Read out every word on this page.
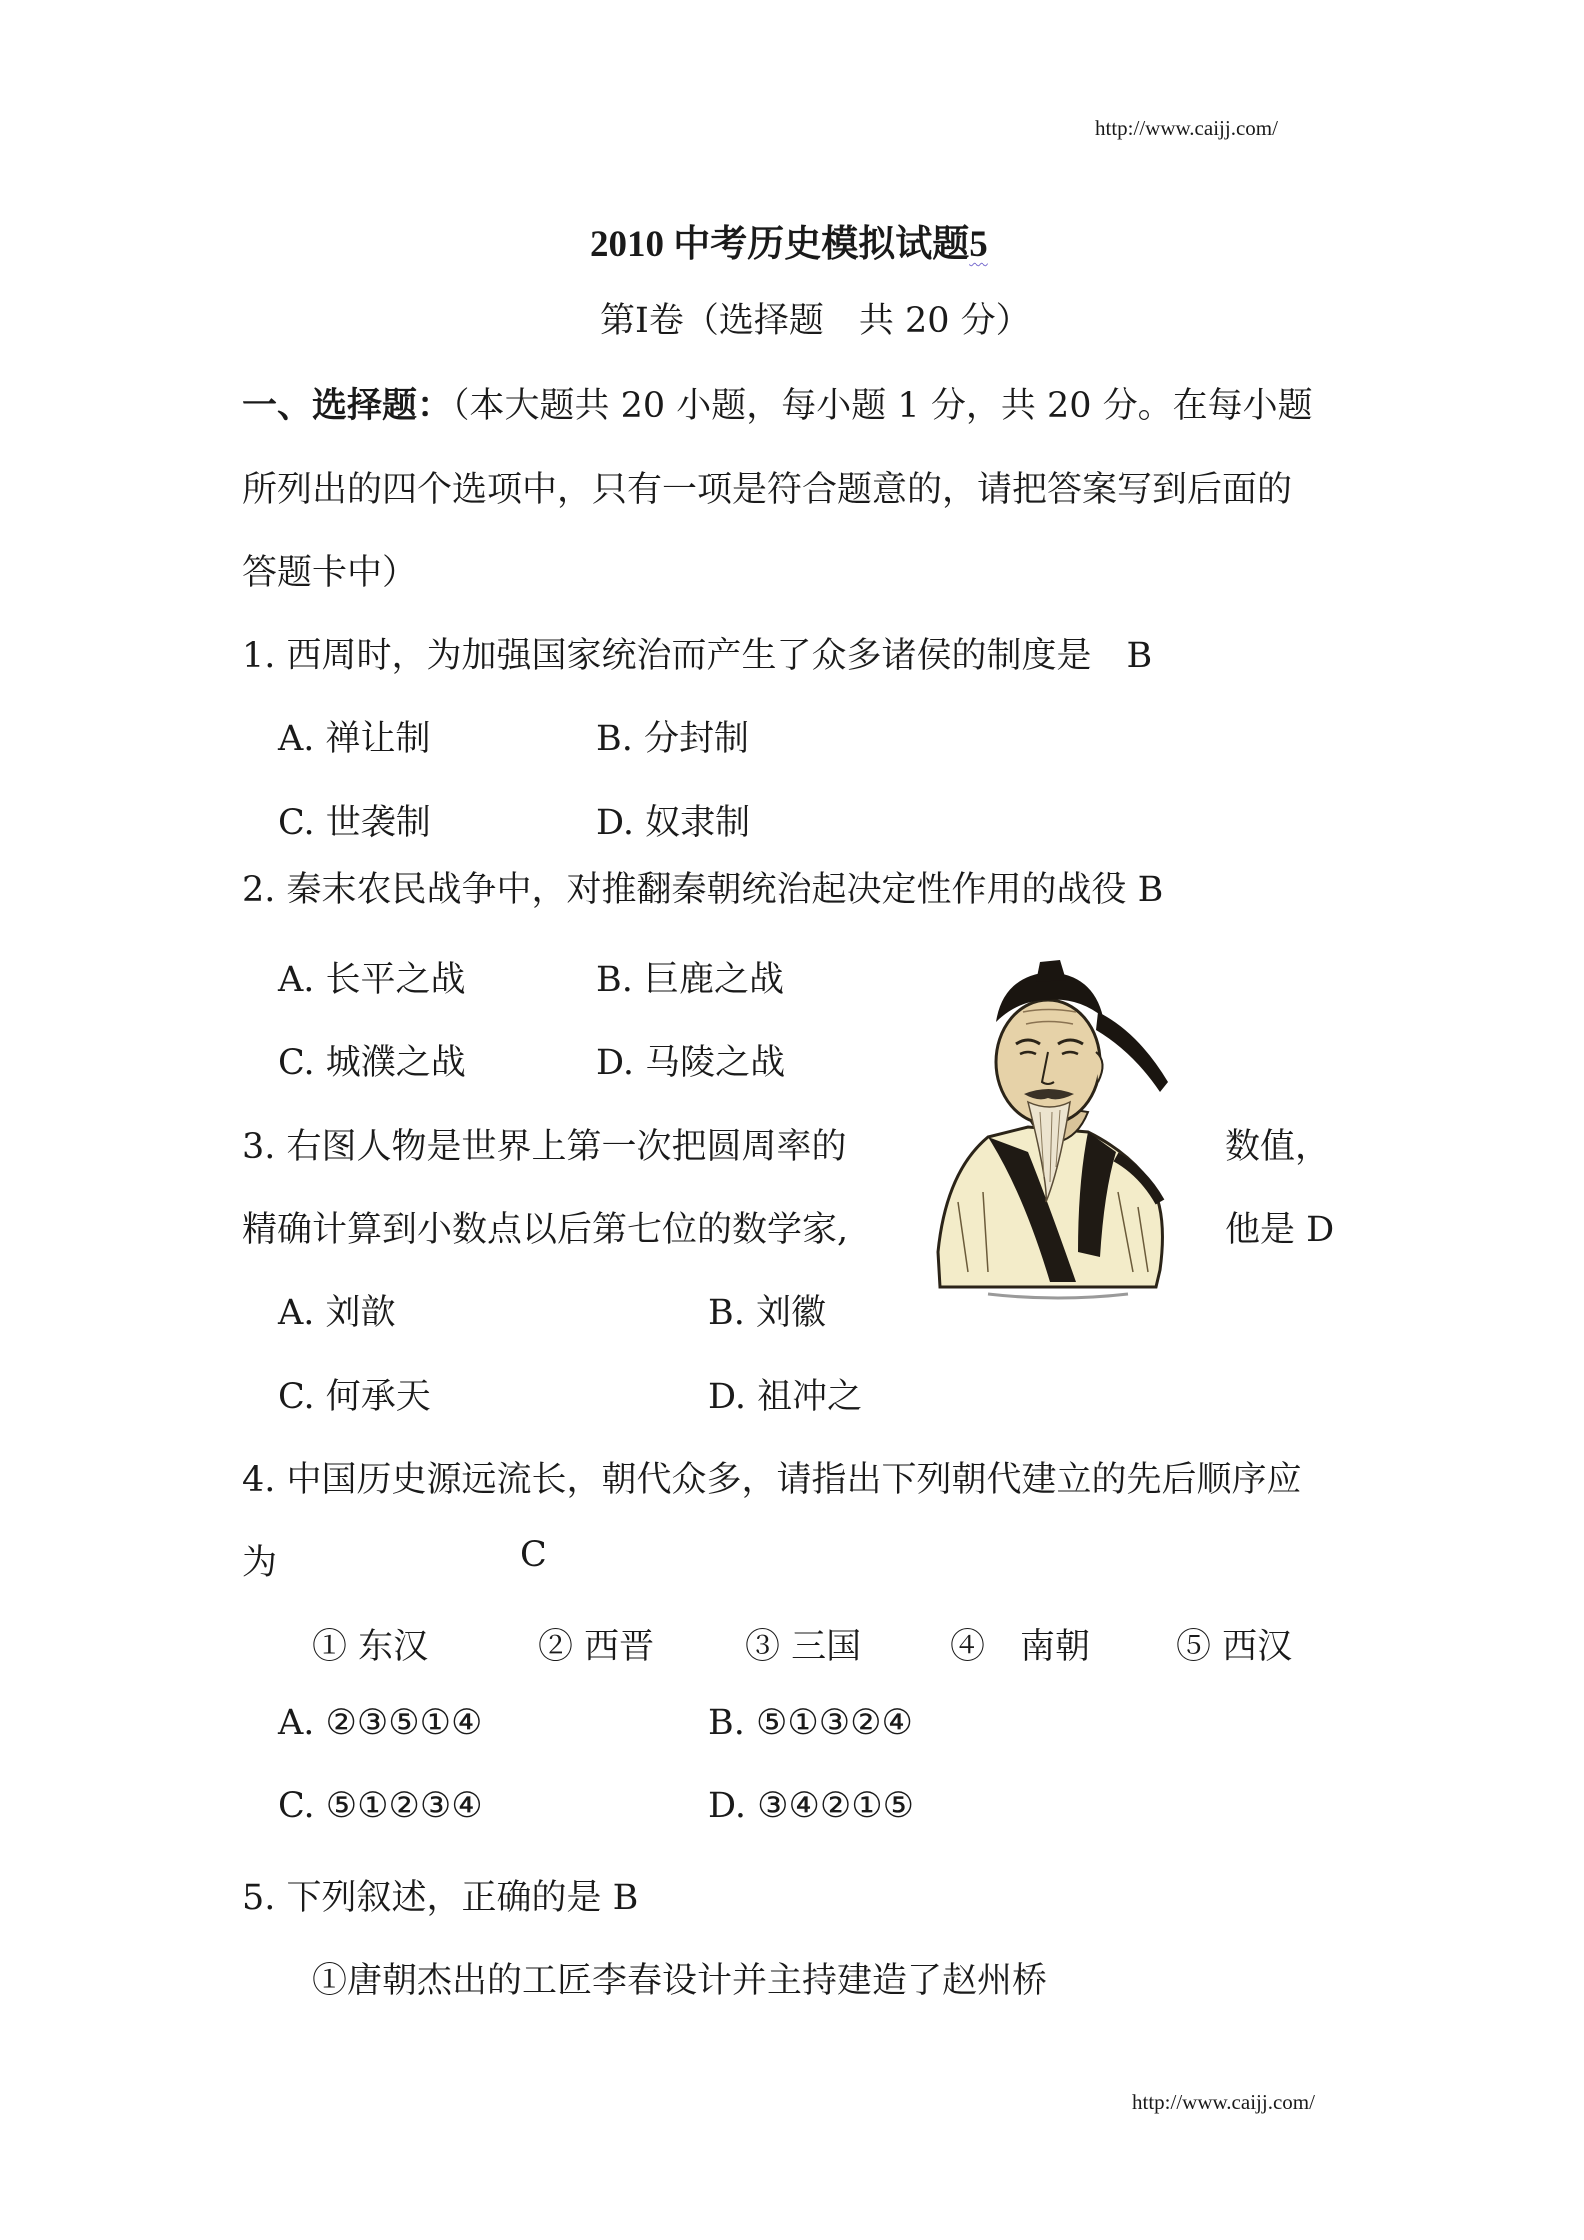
http://www.caijj.com/
2010 中考历史模拟试题5
第Ⅰ卷（选择题　共 20 分）
一、选择题：（本大题共 20 小题，每小题 1 分，共 20 分。在每小题
所列出的四个选项中，只有一项是符合题意的，请把答案写到后面的
答题卡中）
1. 西周时，为加强国家统治而产生了众多诸侯的制度是　B
A. 禅让制	B. 分封制
C. 世袭制	D. 奴隶制
2. 秦末农民战争中，对推翻秦朝统治起决定性作用的战役 B
A. 长平之战	B. 巨鹿之战
C. 城濮之战	D. 马陵之战
3. 右图人物是世界上第一次把圆周率的	数值，
精确计算到小数点以后第七位的数学家,	他是 D
A. 刘歆	B. 刘徽
C. 何承天	D. 祖冲之
4. 中国历史源远流长，朝代众多，请指出下列朝代建立的先后顺序应
为	C
① 东汉	② 西晋	③ 三国	④　南朝 ⑤ 西汉
A. ②③⑤①④	B. ⑤①③②④
C. ⑤①②③④	D. ③④②①⑤
5. 下列叙述，正确的是 B
①唐朝杰出的工匠李春设计并主持建造了赵州桥
http://www.caijj.com/
